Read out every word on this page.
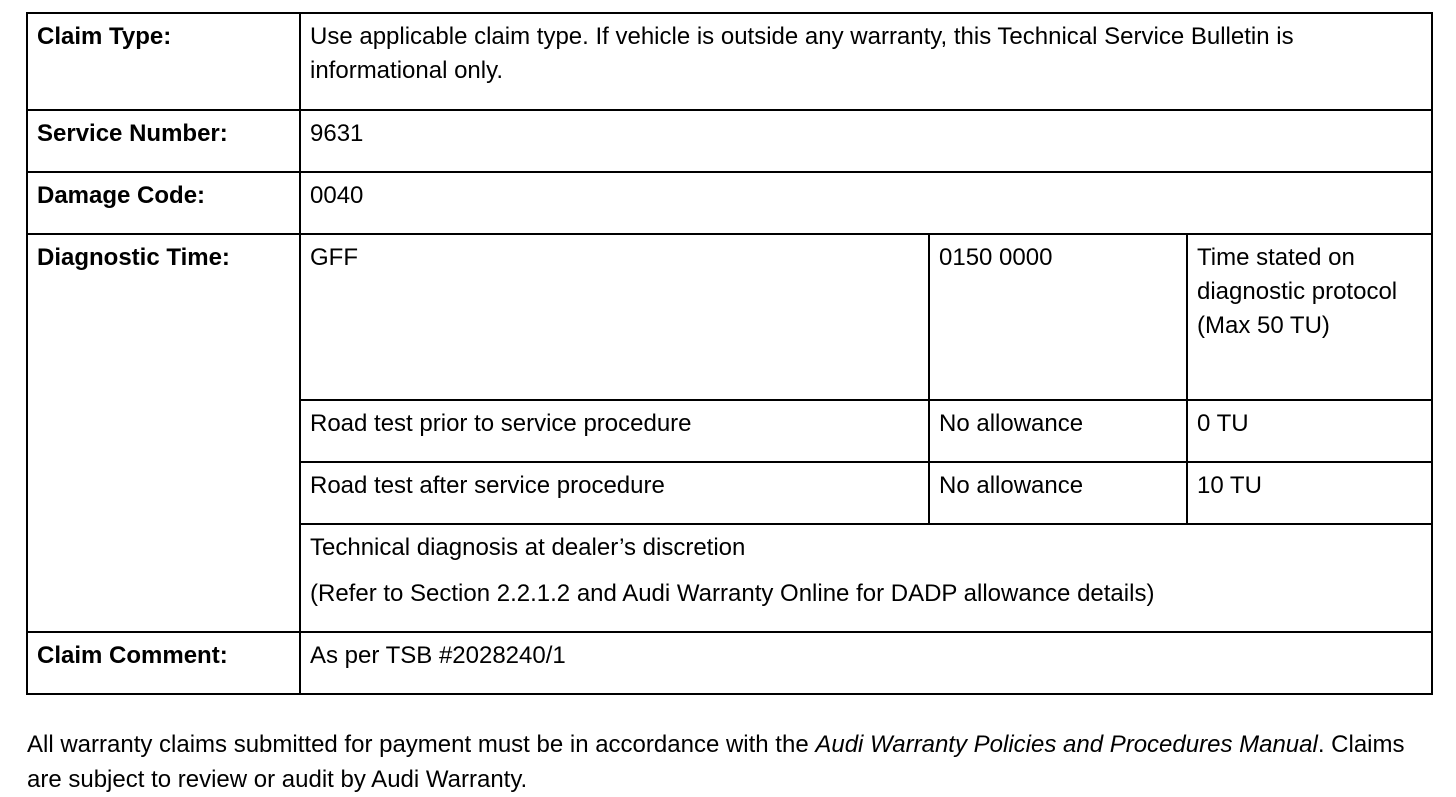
Claim Type:	Use applicable claim type. If vehicle is outside any warranty, this Technical Service Bulletin is informational only.		
Service Number:	9631		
Damage Code:	0040		
Diagnostic Time:	GFF	0150 0000	Time stated on diagnostic protocol (Max 50 TU)
	Road test prior to service procedure	No allowance	0 TU
	Road test after service procedure	No allowance	10 TU

	Technical diagnosis at dealer’s discretion
(Refer to Section 2.2.1.2 and Audi Warranty Online for DADP allowance details)		

Claim Comment:	As per TSB #2028240/1		

All warranty claims submitted for payment must be in accordance with the Audi Warranty Policies and Procedures Manual. Claims are subject to review or audit by Audi Warranty.
